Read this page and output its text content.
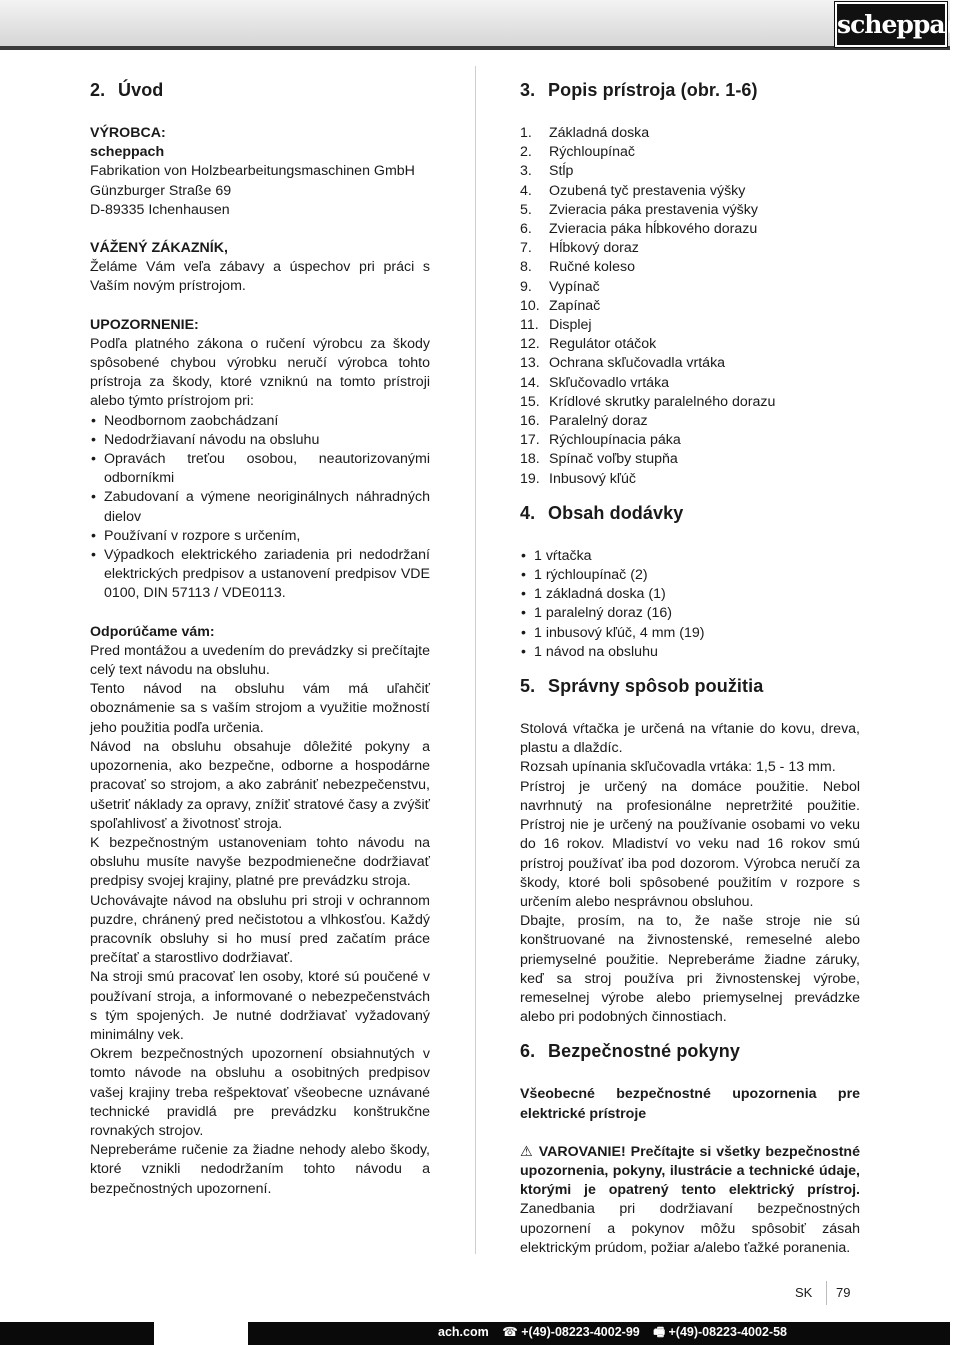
scheppach
2. Úvod

VÝROBCA:

scheppach

Fabrikation von Holzbearbeitungsmaschinen GmbH

Günzburger Straße 69

D-89335 Ichenhausen

VÁŽENÝ ZÁKAZNÍK,

Želáme Vám veľa zábavy a úspechov pri práci s Vaším novým prístrojom.

UPOZORNENIE:

Podľa platného zákona o ručení výrobcu za škody spôsobené chybou výrobku neručí výrobca tohto prístroja za škody, ktoré vzniknú na tomto prístroji alebo týmto prístrojom pri:

• Neodbornom zaobchádzaní
• Nedodržiavaní návodu na obsluhu
• Opravách treťou osobou, neautorizovanými odborníkmi
• Zabudovaní a výmene neoriginálnych náhradných dielov
• Používaní v rozpore s určením,
• Výpadkoch elektrického zariadenia pri nedodržaní elektrických predpisov a ustanovení predpisov VDE 0100, DIN 57113 / VDE0113.

Odporúčame vám:

Pred montážou a uvedením do prevádzky si prečítajte celý text návodu na obsluhu.

Tento návod na obsluhu vám má uľahčiť oboznámenie sa s vaším strojom a využitie možností jeho použitia podľa určenia.

Návod na obsluhu obsahuje dôležité pokyny a upozornenia, ako bezpečne, odborne a hospodárne pracovať so strojom, a ako zabrániť nebezpečenstvu, ušetriť náklady za opravy, znížiť stratové časy a zvýšiť spoľahlivosť a životnosť stroja.

K bezpečnostným ustanoveniam tohto návodu na obsluhu musíte navyše bezpodmienečne dodržiavať predpisy svojej krajiny, platné pre prevádzku stroja.

Uchovávajte návod na obsluhu pri stroji v ochrannom puzdre, chránený pred nečistotou a vlhkosťou. Každý pracovník obsluhy si ho musí pred začatím práce prečítať a starostlivo dodržiavať.

Na stroji smú pracovať len osoby, ktoré sú poučené v používaní stroja, a informované o nebezpečenstvách s tým spojených. Je nutné dodržiavať vyžadovaný minimálny vek.

Okrem bezpečnostných upozornení obsiahnutých v tomto návode na obsluhu a osobitných predpisov vašej krajiny treba rešpektovať všeobecne uznávané technické pravidlá pre prevádzku konštrukčne rovnakých strojov.

Nepreberáme ručenie za žiadne nehody alebo škody, ktoré vznikli nedodržaním tohto návodu a bezpečnostných upozornení.

3. Popis prístroja (obr. 1-6)
1.	Základná doska
2.	Rýchloupínač
3.	Stĺp
4.	Ozubená tyč prestavenia výšky
5.	Zvieracia páka prestavenia výšky
6.	Zvieracia páka hĺbkového dorazu
7.	Hĺbkový doraz
8.	Ručné koleso
9.	Vypínač
10. Zapínač
11. Displej
12. Regulátor otáčok
13. Ochrana skľučovadla vrtáka
14. Skľučovadlo vrtáka
15. Krídlové skrutky paralelného dorazu
16. Paralelný doraz
17. Rýchloupínacia páka
18. Spínač voľby stupňa
19. Inbusový kľúč
4. Obsah dodávky
• 1 vŕtačka
• 1 rýchloupínač (2)
• 1 základná doska (1)
• 1 paralelný doraz (16)
• 1 inbusový kľúč, 4 mm (19)
• 1 návod na obsluhu
5. Správny spôsob použitia

Stolová vŕtačka je určená na vŕtanie do kovu, dreva, plastu a dlaždíc.

Rozsah upínania skľučovadla vrtáka: 1,5 - 13 mm.

Prístroj je určený na domáce použitie. Nebol navrhnutý na profesionálne nepretržité použitie. Prístroj nie je určený na používanie osobami vo veku do 16 rokov. Mladiství vo veku nad 16 rokov smú prístroj používať iba pod dozorom. Výrobca neručí za škody, ktoré boli spôsobené použitím v rozpore s určením alebo nesprávnou obsluhou.

Dbajte, prosím, na to, že naše stroje nie sú konštruované na živnostenské, remeselné alebo priemyselné použitie. Nepreberáme žiadne záruky, keď sa stroj používa pri živnostenskej výrobe, remeselnej výrobe alebo priemyselnej prevádzke alebo pri podobných činnostiach.

6. Bezpečnostné pokyny

Všeobecné bezpečnostné upozornenia pre elektrické prístroje

⚠ VAROVANIE! Prečítajte si všetky bezpečnostné upozornenia, pokyny, ilustrácie a technické údaje, ktorými je opatrený tento elektrický prístroj. Zanedbania pri dodržiavaní bezpečnostných upozornení a pokynov môžu spôsobiť zásah elektrickým prúdom, požiar a/alebo ťažké poranenia.

SK 79
ach.com ☎ +(49)-08223-4002-99 🖷 +(49)-08223-4002-58
